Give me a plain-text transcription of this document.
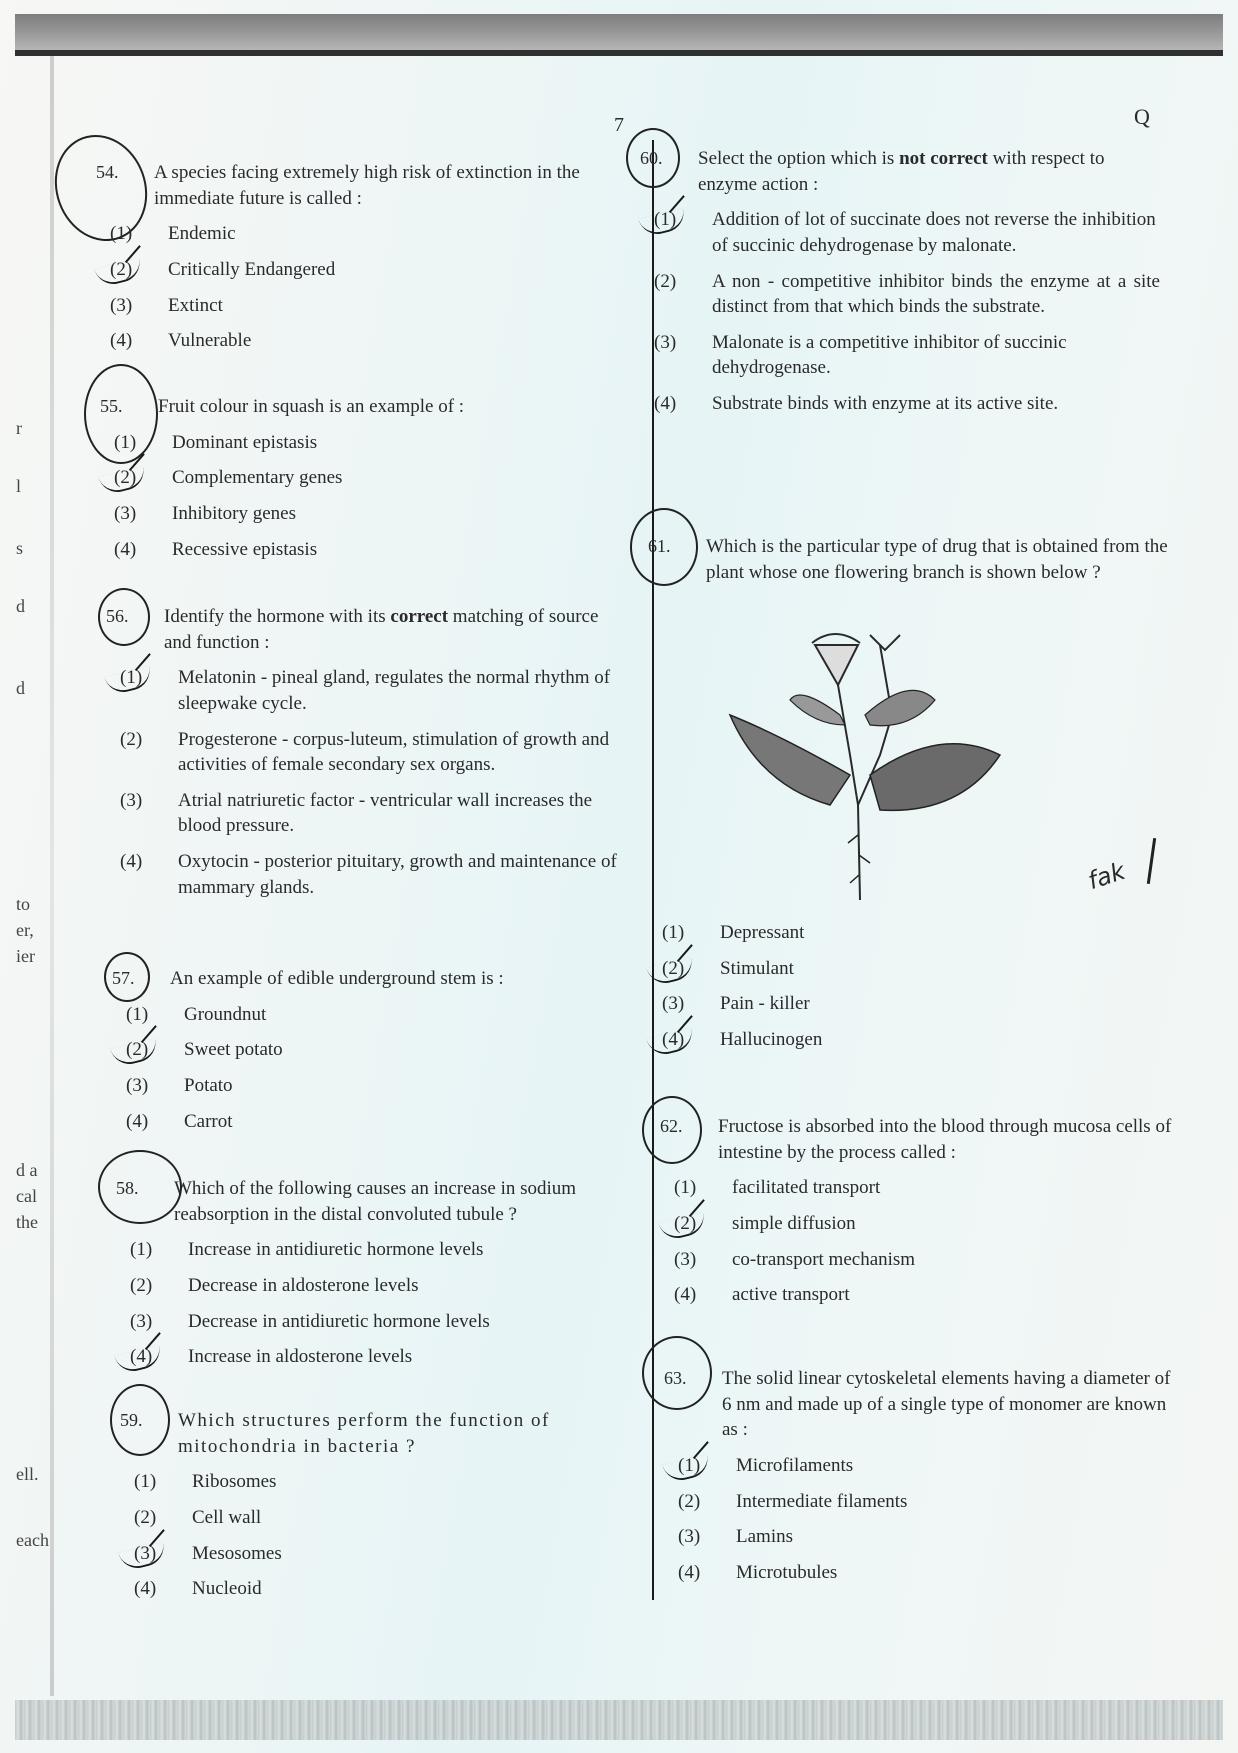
7	Q
r
l
s
d
d
to
er,
ier
d a
cal
the
ell.
each
54.	A species facing extremely high risk of extinction in the immediate future is called :
(1)	Endemic
(2)	Critically Endangered
(3)	Extinct
(4)	Vulnerable
55.	Fruit colour in squash is an example of :
(1)	Dominant epistasis
(2)	Complementary genes
(3)	Inhibitory genes
(4)	Recessive epistasis
56.	Identify the hormone with its correct matching of source and function :
(1)	Melatonin - pineal gland, regulates the normal rhythm of sleepwake cycle.
(2)	Progesterone - corpus-luteum, stimulation of growth and activities of female secondary sex organs.
(3)	Atrial natriuretic factor - ventricular wall increases the blood pressure.
(4)	Oxytocin - posterior pituitary, growth and maintenance of mammary glands.
57.	An example of edible underground stem is :
(1)	Groundnut
(2)	Sweet potato
(3)	Potato
(4)	Carrot
58.	Which of the following causes an increase in sodium reabsorption in the distal convoluted tubule ?
(1)	Increase in antidiuretic hormone levels
(2)	Decrease in aldosterone levels
(3)	Decrease in antidiuretic hormone levels
(4)	Increase in aldosterone levels
59.	Which structures perform the function of mitochondria in bacteria ?
(1)	Ribosomes
(2)	Cell wall
(3)	Mesosomes
(4)	Nucleoid
60.	Select the option which is not correct with respect to enzyme action :
(1)	Addition of lot of succinate does not reverse the inhibition of succinic dehydrogenase by malonate.
(2)	A non - competitive inhibitor binds the enzyme at a site distinct from that which binds the substrate.
(3)	Malonate is a competitive inhibitor of succinic dehydrogenase.
(4)	Substrate binds with enzyme at its active site.
61.	Which is the particular type of drug that is obtained from the plant whose one flowering branch is shown below ?
(1)	Depressant
(2)	Stimulant
(3)	Pain - killer
(4)	Hallucinogen
fak
62.	Fructose is absorbed into the blood through mucosa cells of intestine by the process called :
(1)	facilitated transport
(2)	simple diffusion
(3)	co-transport mechanism
(4)	active transport
63.	The solid linear cytoskeletal elements having a diameter of 6 nm and made up of a single type of monomer are known as :
(1)	Microfilaments
(2)	Intermediate filaments
(3)	Lamins
(4)	Microtubules
